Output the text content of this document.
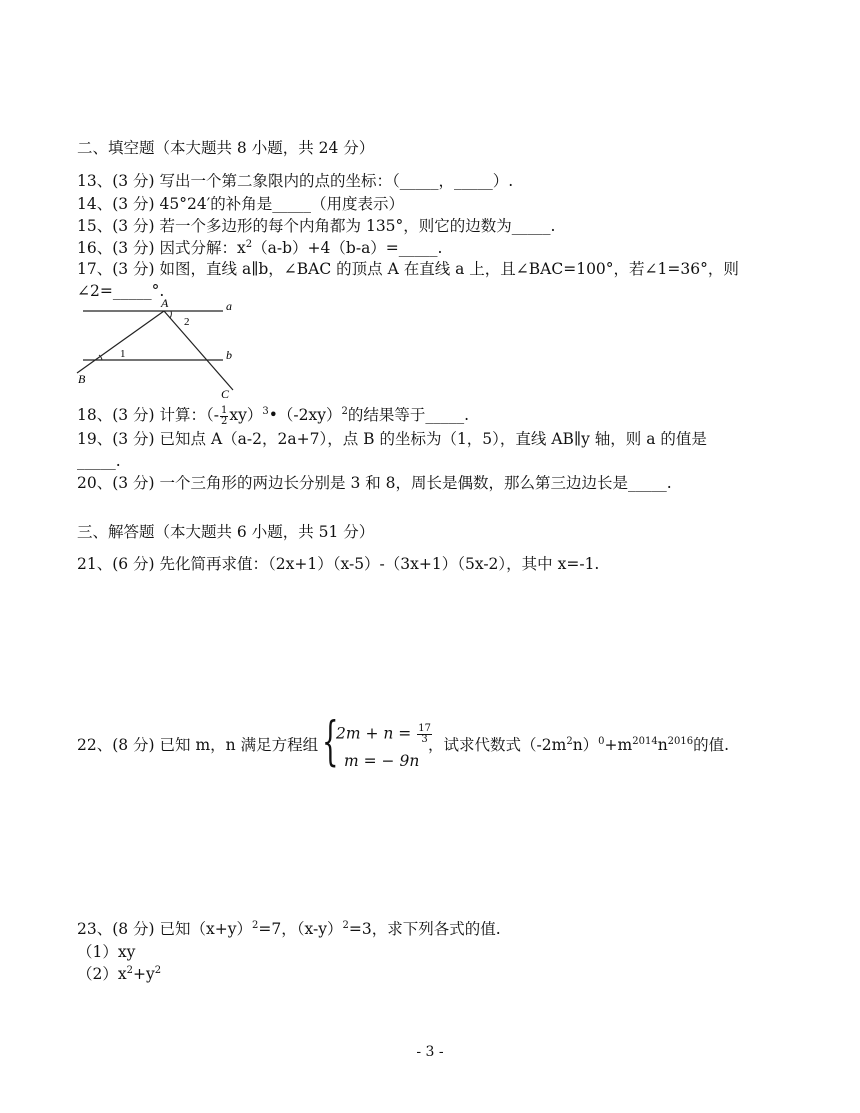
二、填空题（本大题共 8 小题，共 24 分）
13、(3 分) 写出一个第二象限内的点的坐标：（_____，_____）.
14、(3 分) 45°24′的补角是_____（用度表示）
15、(3 分) 若一个多边形的每个内角都为 135°，则它的边数为_____.
16、(3 分) 因式分解：$x^2(a-b)+4(b-a)=\_\_\_\_\_$.
17、(3 分) 如图，直线 a∥b，∠BAC 的顶点 A 在直线 a 上，且∠BAC=100°，若∠1=36°，则
∠2=_____°.
A	a
b
B
C
1
2
18、(3 分) 计算：（- $\frac{1}{2}$ $xy)^3•(-2xy)^2$的结果等于_____.
19、(3 分) 已知点 A（a-2，2a+7），点 B 的坐标为（1，5），直线 AB∥y 轴，则 a 的值是
_____.
20、(3 分) 一个三角形的两边长分别是 3 和 8，周长是偶数，那么第三边边长是_____.
三、解答题（本大题共 6 小题，共 51 分）
21、(6 分) 先化简再求值：（2x+1）（x-5）-（3x+1）（5x-2），其中 x=-1.
22、(8 分) 已知 m，n 满足方程组 {
$2m + n = \frac{17}{3}$
m = − 9n
，试求代数式$(-2m^2n)^0+m^{2014}n^{2016}$的值.
23、(8 分) 已知$(x+y)^2=7$，$(x-y)^2=3$，求下列各式的值.
（1）xy
$(2)x^2+y^2$
- 3 -
